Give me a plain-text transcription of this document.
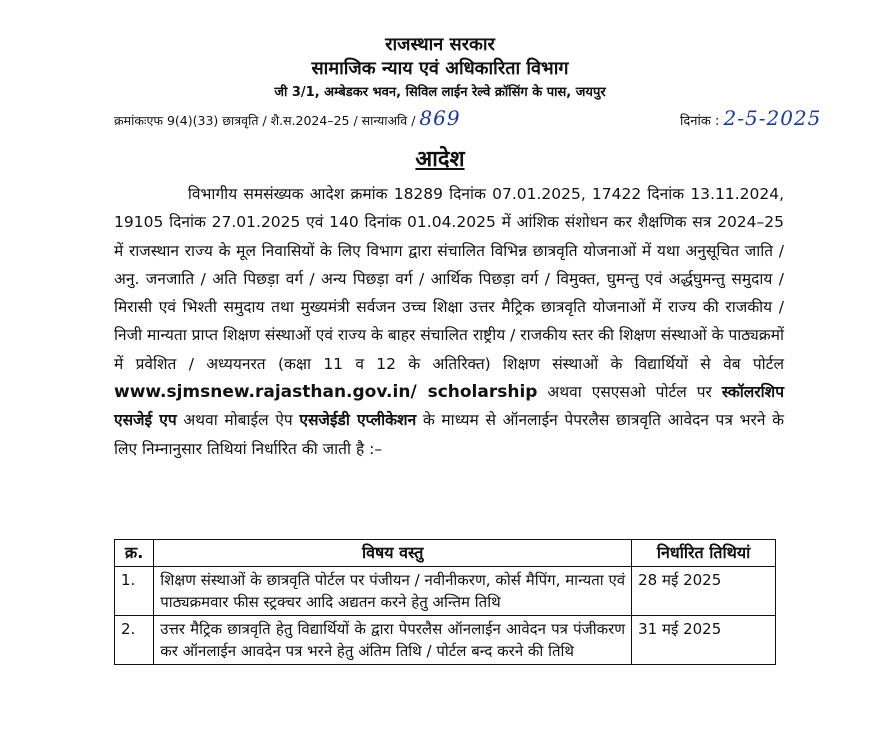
राजस्थान सरकार
सामाजिक न्याय एवं अधिकारिता विभाग
जी 3/1, अम्बेडकर भवन, सिविल लाईन रेल्वे क्रॉसिंग के पास, जयपुर
क्रमांकःएफ 9(4)(33) छात्रवृति / शै.स.2024–25 / सान्याअवि / 869	दिनांक : 2-5-2025
आदेश
विभागीय समसंख्यक आदेश क्रमांक 18289 दिनांक 07.01.2025, 17422 दिनांक 13.11.2024, 19105 दिनांक 27.01.2025 एवं 140 दिनांक 01.04.2025 में आंशिक संशोधन कर शैक्षणिक सत्र 2024–25 में राजस्थान राज्य के मूल निवासियों के लिए विभाग द्वारा संचालित विभिन्न छात्रवृति योजनाओं में यथा अनुसूचित जाति / अनु. जनजाति / अति पिछड़ा वर्ग / अन्य पिछड़ा वर्ग / आर्थिक पिछड़ा वर्ग / विमुक्त, घुमन्तु एवं अर्द्धघुमन्तु समुदाय / मिरासी एवं भिश्ती समुदाय तथा मुख्यमंत्री सर्वजन उच्च शिक्षा उत्तर मैट्रिक छात्रवृति योजनाओं में राज्य की राजकीय / निजी मान्यता प्राप्त शिक्षण संस्थाओं एवं राज्य के बाहर संचालित राष्ट्रीय / राजकीय स्तर की शिक्षण संस्थाओं के पाठ्यक्रमों में प्रवेशित / अध्ययनरत (कक्षा 11 व 12 के अतिरिक्त) शिक्षण संस्थाओं के विद्यार्थियों से वेब पोर्टल www.sjmsnew.rajasthan.gov.in/ scholarship अथवा एसएसओ पोर्टल पर स्कॉलरशिप एसजेई एप अथवा मोबाईल ऐप एसजेईडी एप्लीकेशन के माध्यम से ऑनलाईन पेपरलैस छात्रवृति आवेदन पत्र भरने के लिए निम्नानुसार तिथियां निर्धारित की जाती है :–
क्र.	विषय वस्तु	निर्धारित तिथियां
1.	शिक्षण संस्थाओं के छात्रवृति पोर्टल पर पंजीयन / नवीनीकरण, कोर्स मैपिंग, मान्यता एवं पाठ्यक्रमवार फीस स्ट्रक्चर आदि अद्यतन करने हेतु अन्तिम तिथि	28 मई 2025
2.	उत्तर मैट्रिक छात्रवृति हेतु विद्यार्थियों के द्वारा पेपरलैस ऑनलाईन आवेदन पत्र पंजीकरण कर ऑनलाईन आवदेन पत्र भरने हेतु अंतिम तिथि / पोर्टल बन्द करने की तिथि	31 मई 2025
